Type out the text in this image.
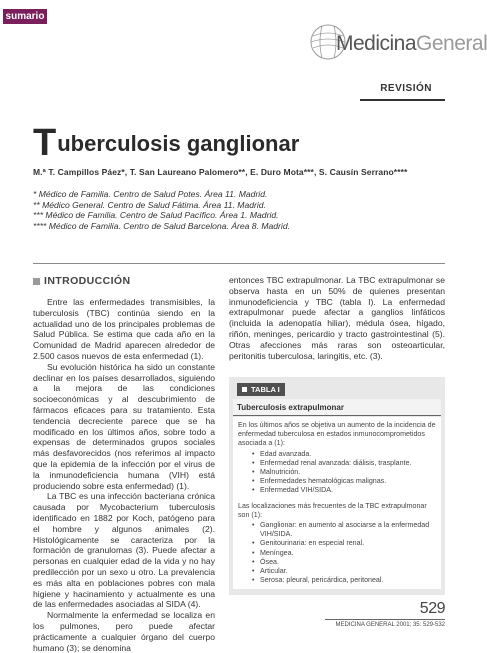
sumario
MedicinaGeneral
REVISIÓN
Tuberculosis ganglionar
M.ª T. Campillos Páez*, T. San Laureano Palomero**, E. Duro Mota***, S. Causín Serrano****
* Médico de Familia. Centro de Salud Potes. Área 11. Madrid.
** Médico General. Centro de Salud Fátima. Área 11. Madrid.
*** Médico de Familia. Centro de Salud Pacífico. Área 1. Madrid.
**** Médico de Familia. Centro de Salud Barcelona. Área 8. Madrid.
INTRODUCCIÓN

Entre las enfermedades transmisibles, la tuberculosis (TBC) continúa siendo en la actualidad uno de los principales problemas de Salud Pública. Se estima que cada año en la Comunidad de Madrid aparecen alrededor de 2.500 casos nuevos de esta enfermedad (1).

Su evolución histórica ha sido un constante declinar en los países desarrollados, siguiendo a la mejora de las condiciones socioeconómicas y al descubrimiento de fármacos eficaces para su tratamiento. Esta tendencia decreciente parece que se ha modificado en los últimos años, sobre todo a expensas de determinados grupos sociales más desfavorecidos (nos referimos al impacto que la epidemia de la infección por el virus de la inmunodeficiencia humana (VIH) está produciendo sobre esta enfermedad) (1).

La TBC es una infección bacteriana crónica causada por Mycobacterium tuberculosis identificado en 1882 por Koch, patógeno para el hombre y algunos animales (2). Histológicamente se caracteriza por la formación de granulomas (3). Puede afectar a personas en cualquier edad de la vida y no hay predilección por un sexo u otro. La prevalencia es más alta en poblaciones pobres con mala higiene y hacinamiento y actualmente es una de las enfermedades asociadas al SIDA (4).

Normalmente la enfermedad se localiza en los pulmones, pero puede afectar prácticamente a cualquier órgano del cuerpo humano (3); se denomina

entonces TBC extrapulmonar. La TBC extrapulmonar se observa hasta en un 50% de quienes presentan inmunodeficiencia y TBC (tabla I). La enfermedad extrapulmonar puede afectar a ganglios linfáticos (incluida la adenopatía hiliar), médula ósea, hígado, riñón, meninges, pericardio y tracto gastrointestinal (5). Otras afecciones más raras son osteoarticular, peritonitis tuberculosa, laringitis, etc. (3).

TABLA I
Tuberculosis extrapulmonar
En los últimos años se objetiva un aumento de la incidencia de enfermedad tuberculosa en estados inmunocomprometidos asociada a (1):
• Edad avanzada.
• Enfermedad renal avanzada: diálisis, trasplante.
• Malnutrición.
• Enfermedades hematológicas malignas.
• Enfermedad VIH/SIDA.
Las localizaciones más frecuentes de la TBC extrapulmonar son (1):
• Ganglionar: en aumento al asociarse a la enfermedad VIH/SIDA.
• Genitourinaria: en especial renal.
• Meníngea.
• Ósea.
• Articular.
• Serosa: pleural, pericárdica, peritoneal.
529
MEDICINA GENERAL 2001; 35: 529-532
